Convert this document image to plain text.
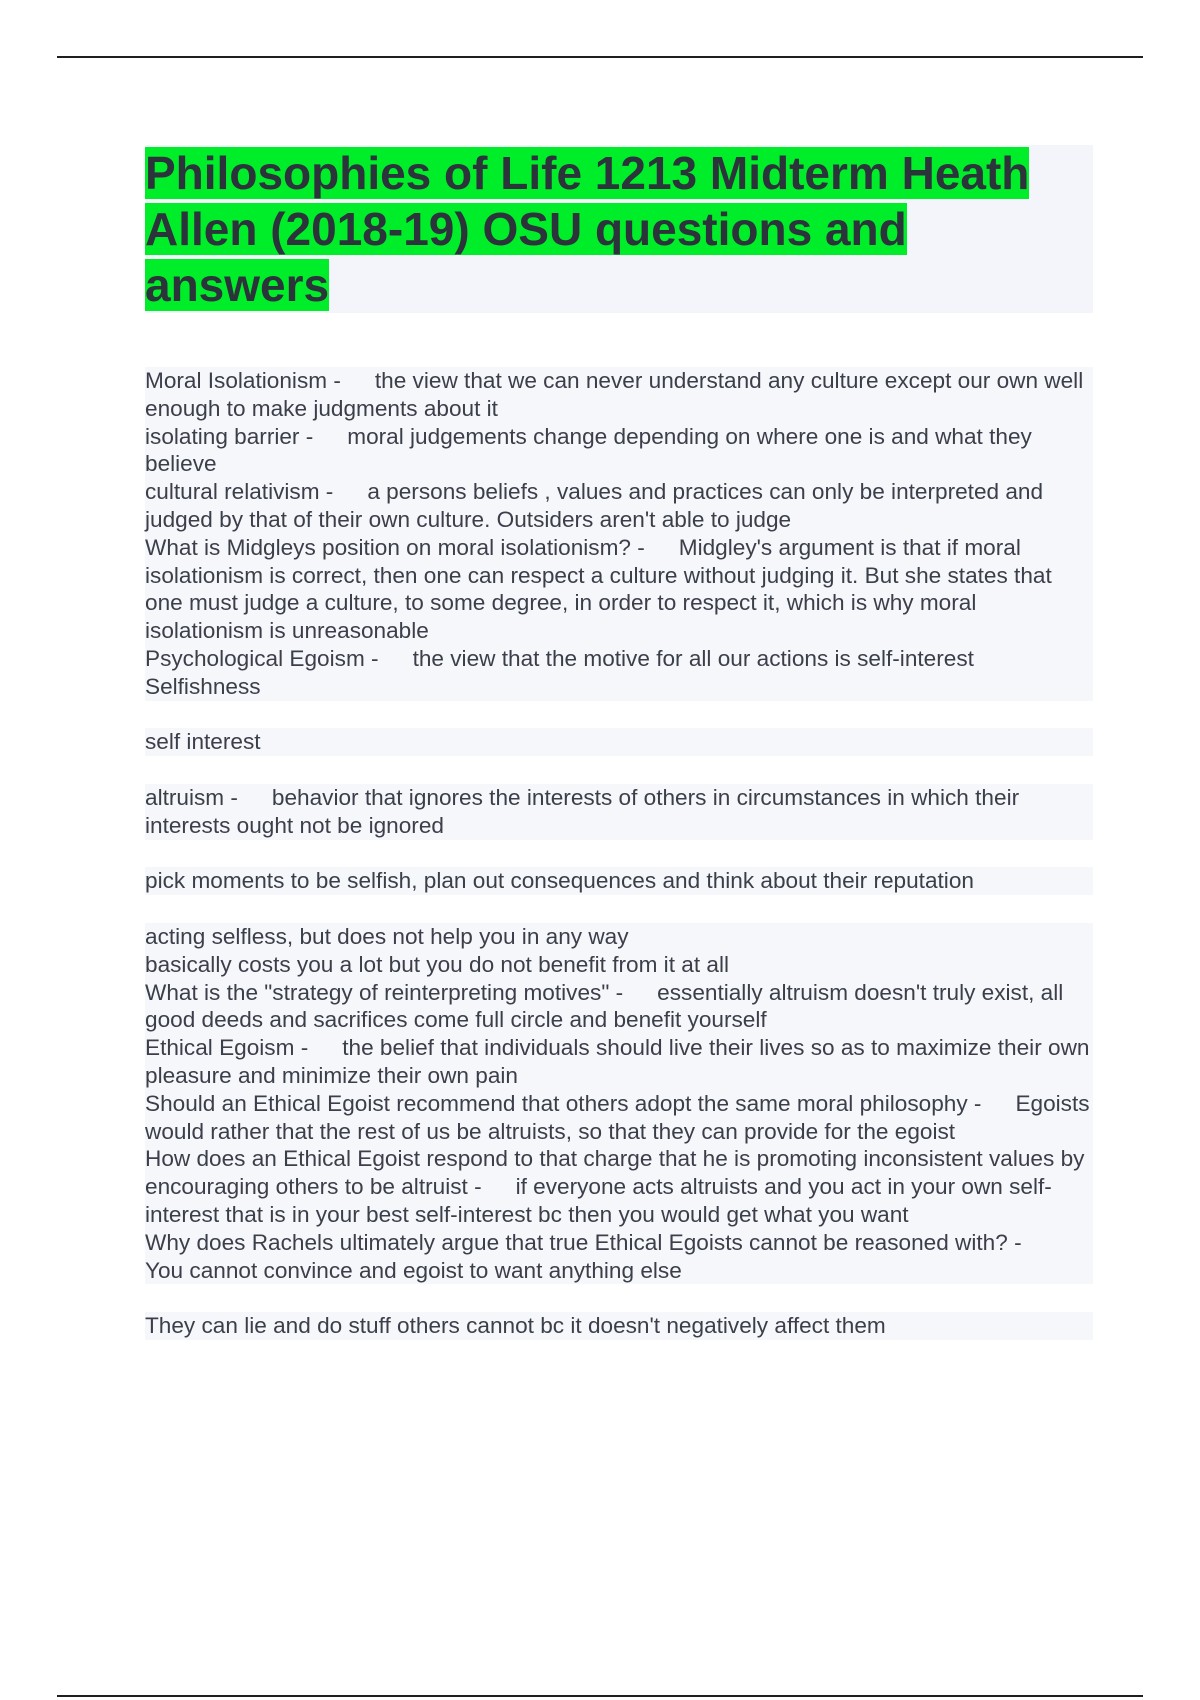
Philosophies of Life 1213 Midterm Heath Allen (2018-19) OSU questions and answers

Moral Isolationism - the view that we can never understand any culture except our own well enough to make judgments about it

isolating barrier - moral judgements change depending on where one is and what they believe

cultural relativism - a persons beliefs , values and practices can only be interpreted and judged by that of their own culture. Outsiders aren't able to judge

What is Midgleys position on moral isolationism? - Midgley's argument is that if moral isolationism is correct, then one can respect a culture without judging it. But she states that one must judge a culture, to some degree, in order to respect it, which is why moral isolationism is unreasonable

Psychological Egoism - the view that the motive for all our actions is self-interest

Selfishness

self interest

altruism - behavior that ignores the interests of others in circumstances in which their interests ought not be ignored

pick moments to be selfish, plan out consequences and think about their reputation

acting selfless, but does not help you in any way

basically costs you a lot but you do not benefit from it at all

What is the "strategy of reinterpreting motives" - essentially altruism doesn't truly exist, all good deeds and sacrifices come full circle and benefit yourself

Ethical Egoism - the belief that individuals should live their lives so as to maximize their own pleasure and minimize their own pain

Should an Ethical Egoist recommend that others adopt the same moral philosophy - Egoists would rather that the rest of us be altruists, so that they can provide for the egoist

How does an Ethical Egoist respond to that charge that he is promoting inconsistent values by encouraging others to be altruist - if everyone acts altruists and you act in your own self-interest that is in your best self-interest bc then you would get what you want

Why does Rachels ultimately argue that true Ethical Egoists cannot be reasoned with? -You cannot convince and egoist to want anything else

They can lie and do stuff others cannot bc it doesn't negatively affect them
